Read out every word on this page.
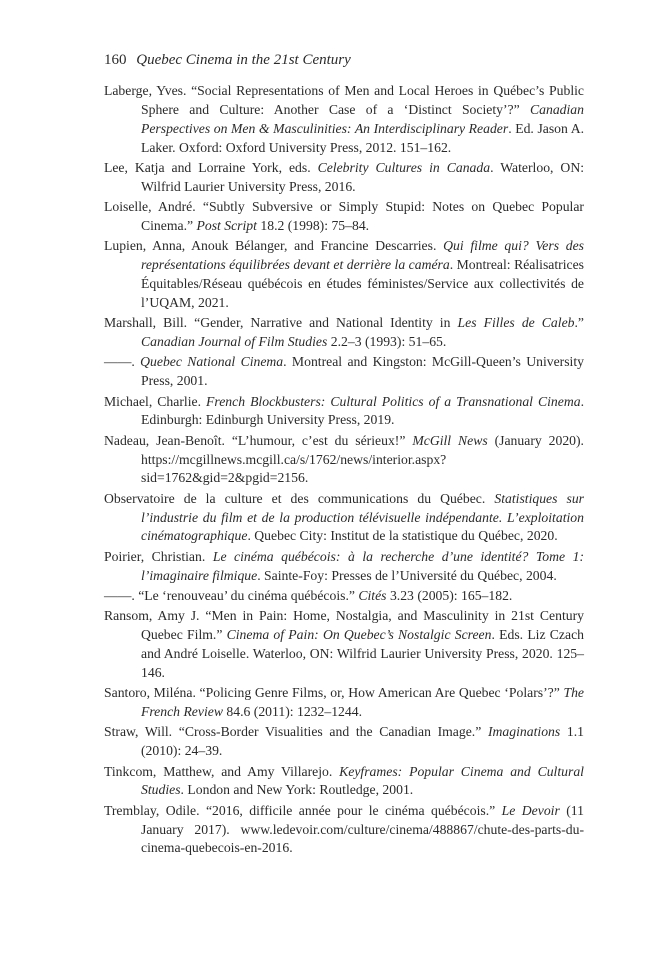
160 Quebec Cinema in the 21st Century

Laberge, Yves. “Social Representations of Men and Local Heroes in Québec’s Public Sphere and Culture: Another Case of a ‘Distinct Society’?” Canadian Perspectives on Men & Masculinities: An Interdisciplinary Reader. Ed. Jason A. Laker. Oxford: Oxford University Press, 2012. 151–162.

Lee, Katja and Lorraine York, eds. Celebrity Cultures in Canada. Waterloo, ON: Wilfrid Laurier University Press, 2016.

Loiselle, André. “Subtly Subversive or Simply Stupid: Notes on Quebec Popular Cinema.” Post Script 18.2 (1998): 75–84.

Lupien, Anna, Anouk Bélanger, and Francine Descarries. Qui filme qui? Vers des représentations équilibrées devant et derrière la caméra. Montreal: Réalisatrices Équitables/Réseau québécois en études féministes/Service aux collectivités de l’UQAM, 2021.

Marshall, Bill. “Gender, Narrative and National Identity in Les Filles de Caleb.” Canadian Journal of Film Studies 2.2–3 (1993): 51–65.

——. Quebec National Cinema. Montreal and Kingston: McGill-Queen’s University Press, 2001.

Michael, Charlie. French Blockbusters: Cultural Politics of a Transnational Cinema. Edinburgh: Edinburgh University Press, 2019.

Nadeau, Jean-Benoît. “L’humour, c’est du sérieux!” McGill News (January 2020). https://mcgillnews.mcgill.ca/s/1762/news/interior.aspx?sid=1762&gid=2&pgid=2156.

Observatoire de la culture et des communications du Québec. Statistiques sur l’industrie du film et de la production télévisuelle indépendante. L’exploitation cinématographique. Quebec City: Institut de la statistique du Québec, 2020.

Poirier, Christian. Le cinéma québécois: à la recherche d’une identité? Tome 1: l’imaginaire filmique. Sainte-Foy: Presses de l’Université du Québec, 2004.

——. “Le ‘renouveau’ du cinéma québécois.” Cités 3.23 (2005): 165–182.

Ransom, Amy J. “Men in Pain: Home, Nostalgia, and Masculinity in 21st Century Quebec Film.” Cinema of Pain: On Quebec’s Nostalgic Screen. Eds. Liz Czach and André Loiselle. Waterloo, ON: Wilfrid Laurier University Press, 2020. 125–146.

Santoro, Miléna. “Policing Genre Films, or, How American Are Quebec ‘Polars’?” The French Review 84.6 (2011): 1232–1244.

Straw, Will. “Cross-Border Visualities and the Canadian Image.” Imaginations 1.1 (2010): 24–39.

Tinkcom, Matthew, and Amy Villarejo. Keyframes: Popular Cinema and Cultural Studies. London and New York: Routledge, 2001.

Tremblay, Odile. “2016, difficile année pour le cinéma québécois.” Le Devoir (11 January 2017). www.ledevoir.com/culture/cinema/488867/chute-des-parts-du-cinema-quebecois-en-2016.
